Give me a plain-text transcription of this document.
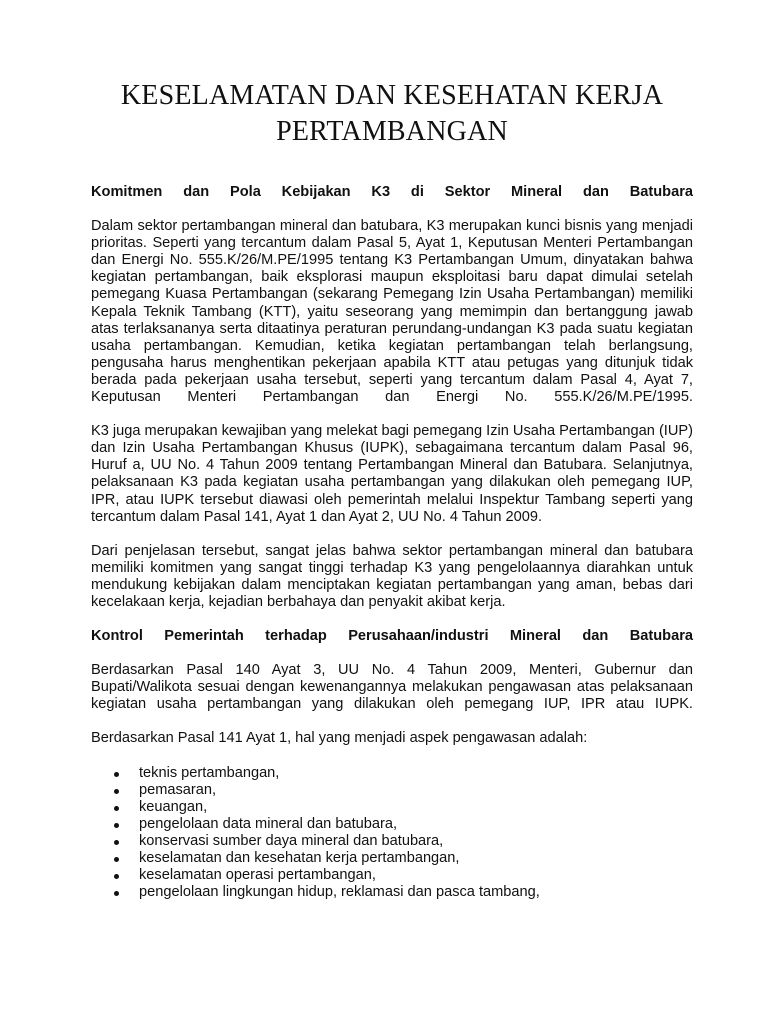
KESELAMATAN DAN KESEHATAN KERJA PERTAMBANGAN

Komitmen dan Pola Kebijakan K3 di Sektor Mineral dan Batubara

Dalam sektor pertambangan mineral dan batubara, K3 merupakan kunci bisnis yang menjadi prioritas. Seperti yang tercantum dalam Pasal 5, Ayat 1, Keputusan Menteri Pertambangan dan Energi No. 555.K/26/M.PE/1995 tentang K3 Pertambangan Umum, dinyatakan bahwa kegiatan pertambangan, baik eksplorasi maupun eksploitasi baru dapat dimulai setelah pemegang Kuasa Pertambangan (sekarang Pemegang Izin Usaha Pertambangan) memiliki Kepala Teknik Tambang (KTT), yaitu seseorang yang memimpin dan bertanggung jawab atas terlaksananya serta ditaatinya peraturan perundang-undangan K3 pada suatu kegiatan usaha pertambangan. Kemudian, ketika kegiatan pertambangan telah berlangsung, pengusaha harus menghentikan pekerjaan apabila KTT atau petugas yang ditunjuk tidak berada pada pekerjaan usaha tersebut, seperti yang tercantum dalam Pasal 4, Ayat 7, Keputusan Menteri Pertambangan dan Energi No. 555.K/26/M.PE/1995.

K3 juga merupakan kewajiban yang melekat bagi pemegang Izin Usaha Pertambangan (IUP) dan Izin Usaha Pertambangan Khusus (IUPK), sebagaimana tercantum dalam Pasal 96, Huruf a, UU No. 4 Tahun 2009 tentang Pertambangan Mineral dan Batubara. Selanjutnya, pelaksanaan K3 pada kegiatan usaha pertambangan yang dilakukan oleh pemegang IUP, IPR, atau IUPK tersebut diawasi oleh pemerintah melalui Inspektur Tambang seperti yang tercantum dalam Pasal 141, Ayat 1 dan Ayat 2, UU No. 4 Tahun 2009.

Dari penjelasan tersebut, sangat jelas bahwa sektor pertambangan mineral dan batubara memiliki komitmen yang sangat tinggi terhadap K3 yang pengelolaannya diarahkan untuk mendukung kebijakan dalam menciptakan kegiatan pertambangan yang aman, bebas dari kecelakaan kerja, kejadian berbahaya dan penyakit akibat kerja.

Kontrol Pemerintah terhadap Perusahaan/industri Mineral dan Batubara

Berdasarkan Pasal 140 Ayat 3, UU No. 4 Tahun 2009, Menteri, Gubernur dan Bupati/Walikota sesuai dengan kewenangannya melakukan pengawasan atas pelaksanaan kegiatan usaha pertambangan yang dilakukan oleh pemegang IUP, IPR atau IUPK.

Berdasarkan Pasal 141 Ayat 1, hal yang menjadi aspek pengawasan adalah:

teknis pertambangan,
pemasaran,
keuangan,
pengelolaan data mineral dan batubara,
konservasi sumber daya mineral dan batubara,
keselamatan dan kesehatan kerja pertambangan,
keselamatan operasi pertambangan,
pengelolaan lingkungan hidup, reklamasi dan pasca tambang,
